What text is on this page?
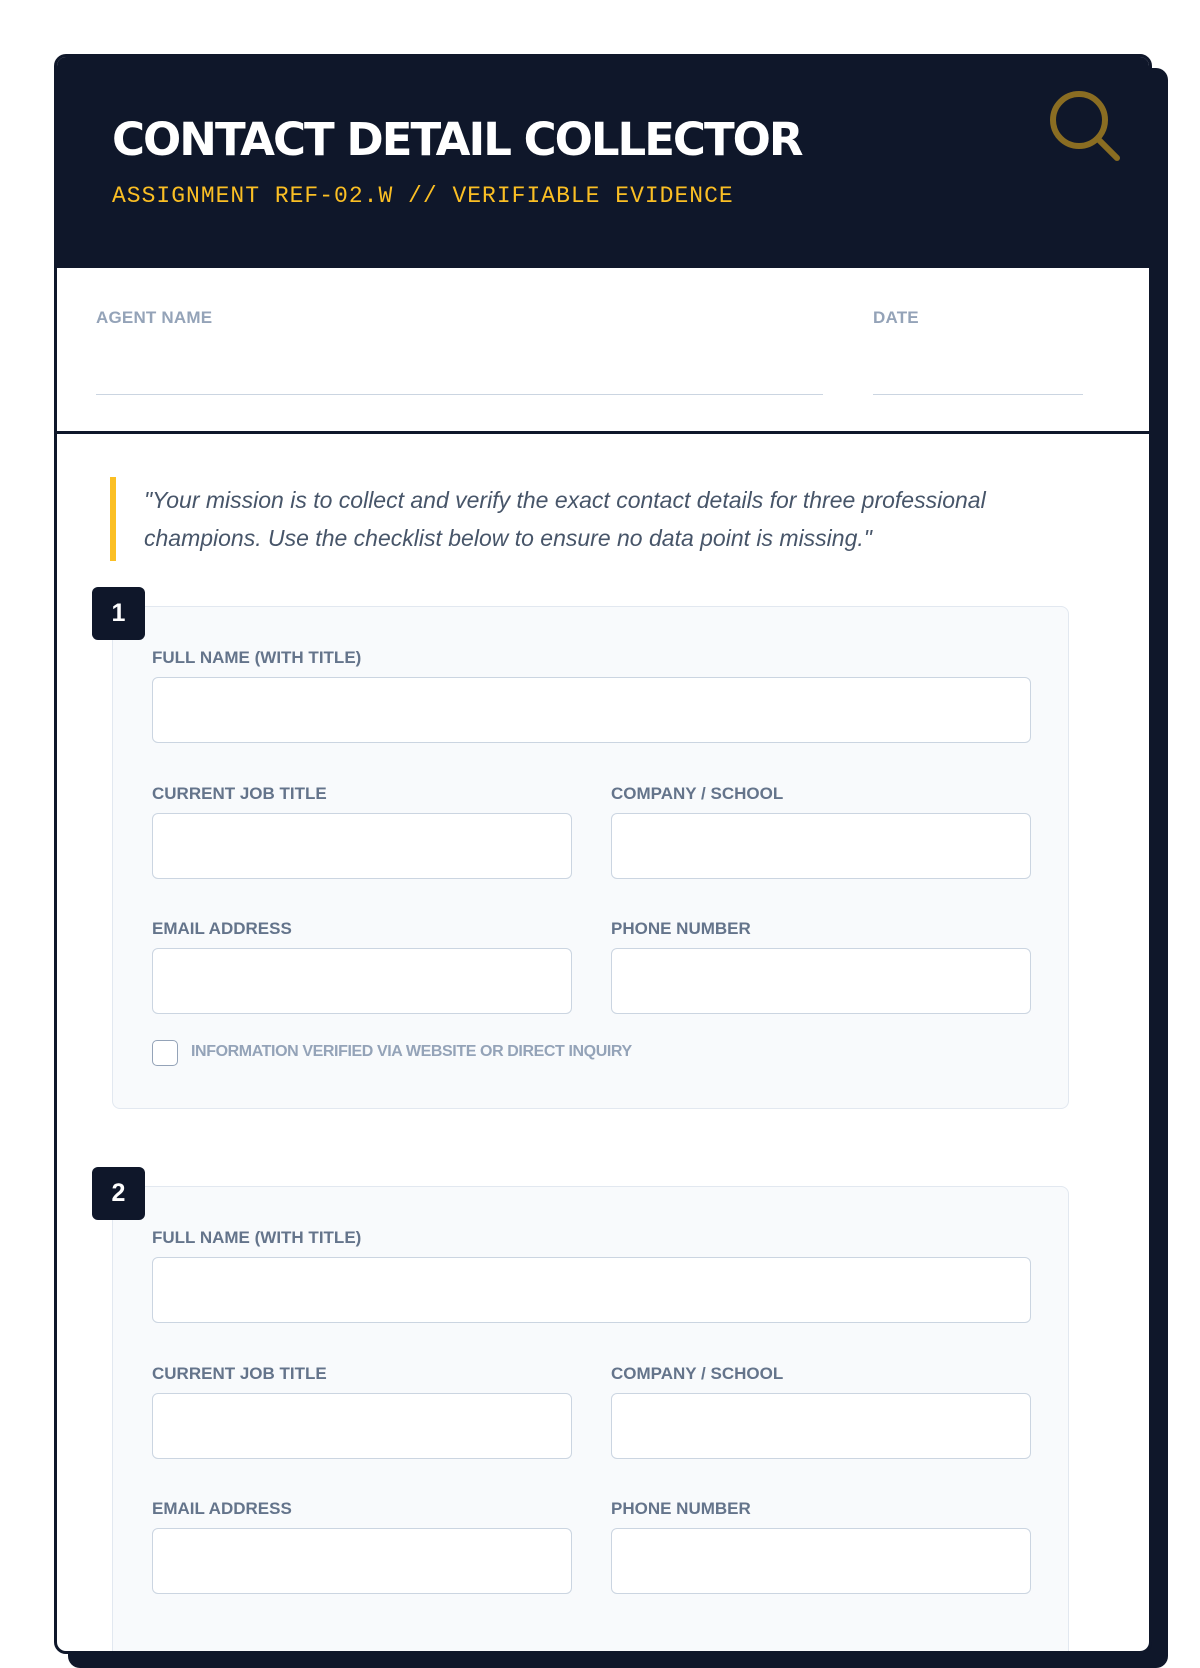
CONTACT DETAIL COLLECTOR
ASSIGNMENT REF-02.W // VERIFIABLE EVIDENCE
AGENT NAME	DATE
"Your mission is to collect and verify the exact contact details for three professional champions. Use the checklist below to ensure no data point is missing."
FULL NAME (WITH TITLE)
CURRENT JOB TITLE	COMPANY / SCHOOL
EMAIL ADDRESS	PHONE NUMBER
INFORMATION VERIFIED VIA WEBSITE OR DIRECT INQUIRY
1
FULL NAME (WITH TITLE)
CURRENT JOB TITLE	COMPANY / SCHOOL
EMAIL ADDRESS	PHONE NUMBER
2
